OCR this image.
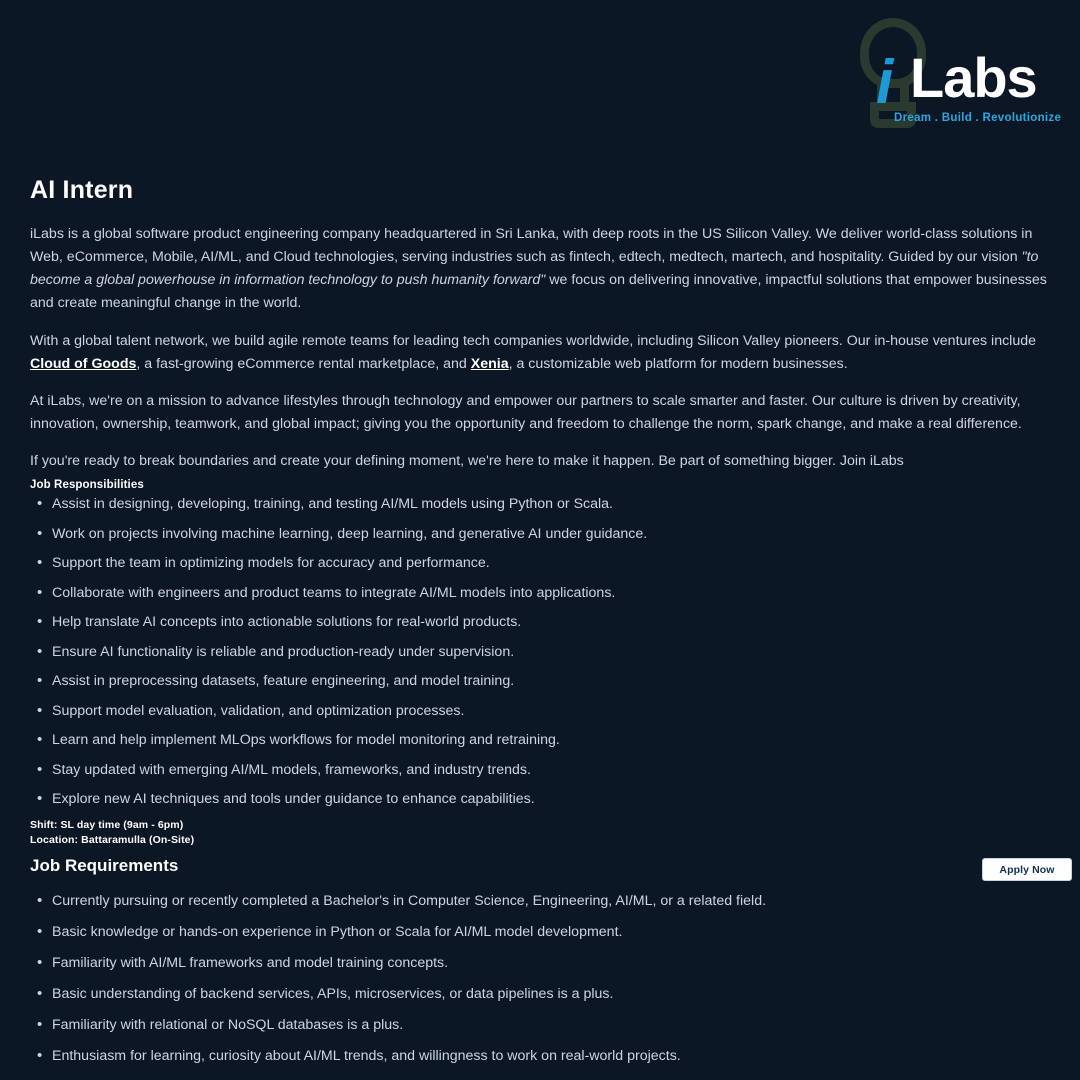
i Labs
Dream . Build . Revolutionize
AI Intern

iLabs is a global software product engineering company headquartered in Sri Lanka, with deep roots in the US Silicon Valley. We deliver world-class solutions in Web, eCommerce, Mobile, AI/ML, and Cloud technologies, serving industries such as fintech, edtech, medtech, martech, and hospitality. Guided by our vision "to become a global powerhouse in information technology to push humanity forward" we focus on delivering innovative, impactful solutions that empower businesses and create meaningful change in the world.

With a global talent network, we build agile remote teams for leading tech companies worldwide, including Silicon Valley pioneers. Our in-house ventures include Cloud of Goods, a fast-growing eCommerce rental marketplace, and Xenia, a customizable web platform for modern businesses.

At iLabs, we're on a mission to advance lifestyles through technology and empower our partners to scale smarter and faster. Our culture is driven by creativity, innovation, ownership, teamwork, and global impact; giving you the opportunity and freedom to challenge the norm, spark change, and make a real difference.

If you're ready to break boundaries and create your defining moment, we're here to make it happen. Be part of something bigger. Join iLabs

Job Responsibilities
• Assist in designing, developing, training, and testing AI/ML models using Python or Scala.
• Work on projects involving machine learning, deep learning, and generative AI under guidance.
• Support the team in optimizing models for accuracy and performance.
• Collaborate with engineers and product teams to integrate AI/ML models into applications.
• Help translate AI concepts into actionable solutions for real-world products.
• Ensure AI functionality is reliable and production-ready under supervision.
• Assist in preprocessing datasets, feature engineering, and model training.
• Support model evaluation, validation, and optimization processes.
• Learn and help implement MLOps workflows for model monitoring and retraining.
• Stay updated with emerging AI/ML models, frameworks, and industry trends.
• Explore new AI techniques and tools under guidance to enhance capabilities.
Shift: SL day time (9am - 6pm)
Location: Battaramulla (On-Site)
Job Requirements
• Currently pursuing or recently completed a Bachelor's in Computer Science, Engineering, AI/ML, or a related field.
• Basic knowledge or hands-on experience in Python or Scala for AI/ML model development.
• Familiarity with AI/ML frameworks and model training concepts.
• Basic understanding of backend services, APIs, microservices, or data pipelines is a plus.
• Familiarity with relational or NoSQL databases is a plus.
• Enthusiasm for learning, curiosity about AI/ML trends, and willingness to work on real-world projects.
Apply Now
